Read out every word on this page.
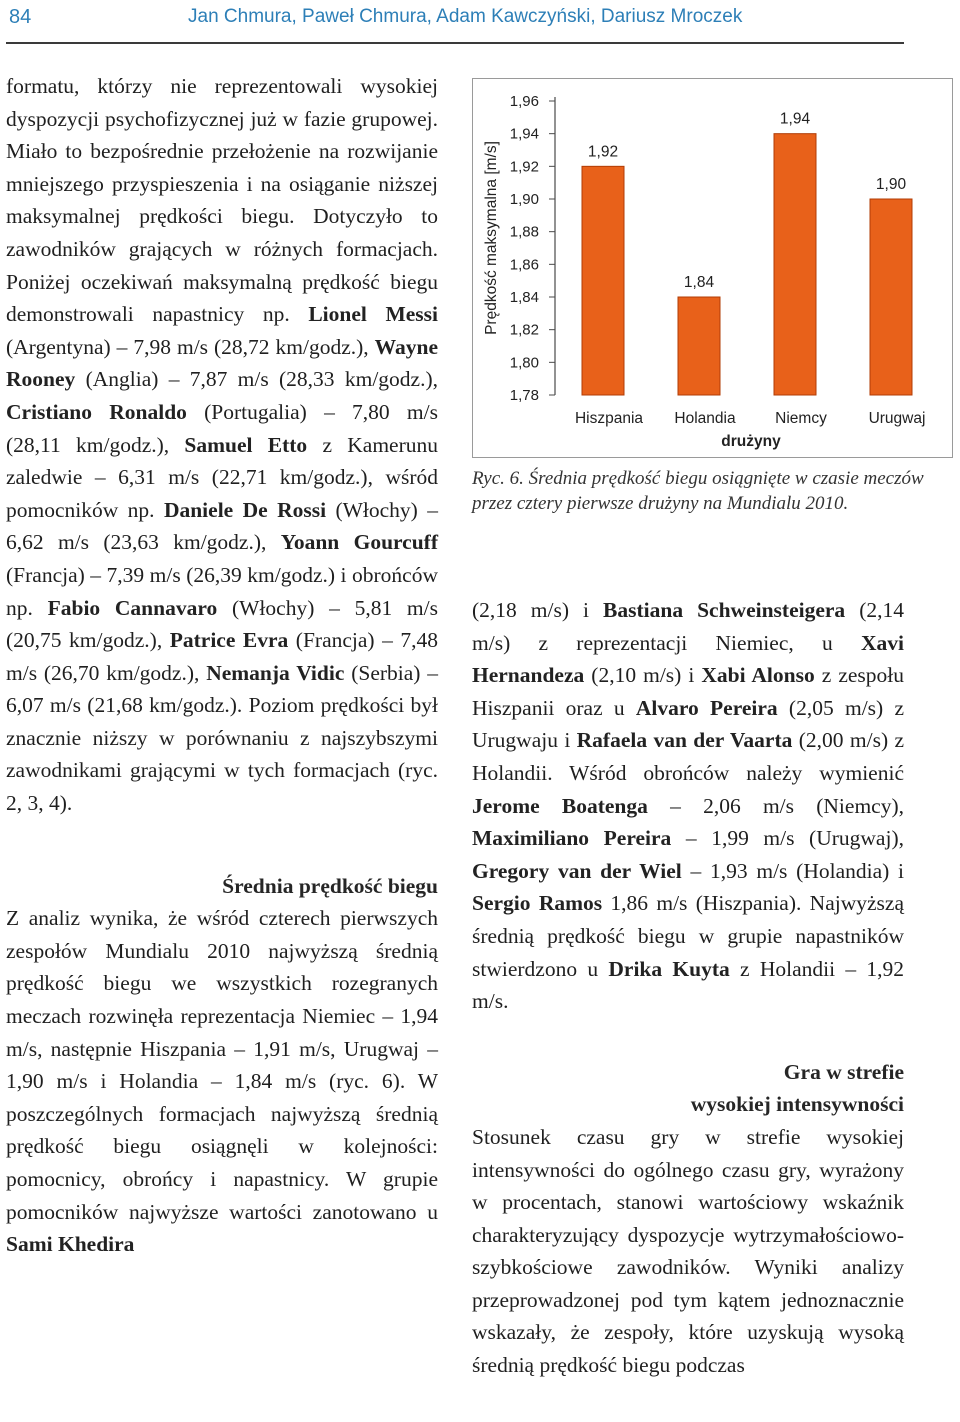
84	Jan Chmura, Paweł Chmura, Adam Kawczyński, Dariusz Mroczek

formatu, którzy nie reprezentowali wysokiej dyspozycji psychofizycznej już w fazie grupowej. Miało to bezpośrednie przełożenie na rozwijanie mniejszego przyspieszenia i na osiąganie niższej maksymalnej prędkości biegu. Dotyczyło to zawodników grających w różnych formacjach. Poniżej oczekiwań maksymalną prędkość biegu demonstrowali napastnicy np. Lionel Messi (Argentyna) – 7,98 m/s (28,72 km/godz.), Wayne Rooney (Anglia) – 7,87 m/s (28,33 km/godz.), Cristiano Ronaldo (Portugalia) – 7,80 m/s (28,11 km/godz.), Samuel Etto z Kamerunu zaledwie – 6,31 m/s (22,71 km/godz.), wśród pomocników np. Daniele De Rossi (Włochy) – 6,62 m/s (23,63 km/godz.), Yoann Gourcuff (Francja) – 7,39 m/s (26,39 km/godz.) i obrońców np. Fabio Cannavaro (Włochy) – 5,81 m/s (20,75 km/godz.), Patrice Evra (Francja) – 7,48 m/s (26,70 km/godz.), Nemanja Vidic (Serbia) – 6,07 m/s (21,68 km/godz.). Poziom prędkości był znacznie niższy w porównaniu z najszybszymi zawodnikami grającymi w tych formacjach (ryc. 2, 3, 4).

Średnia prędkość biegu

Z analiz wynika, że wśród czterech pierwszych zespołów Mundialu 2010 najwyższą średnią prędkość biegu we wszystkich rozegranych meczach rozwinęła reprezentacja Niemiec – 1,94 m/s, następnie Hiszpania – 1,91 m/s, Urugwaj – 1,90 m/s i Holandia – 1,84 m/s (ryc. 6). W poszczególnych formacjach najwyższą średnią prędkość biegu osiągnęli w kolejności: pomocnicy, obrońcy i napastnicy. W grupie pomocników najwyższe wartości zanotowano u Sami Khedira

1,78
1,80
1,82
1,84
1,86
1,88
1,90
1,92
1,94
1,96
Prędkość maksymalna [m/s]	1,92
Hiszpania
1,84
Holandia
1,94
Niemcy
1,90
Urugwaj
drużyny
Ryc. 6. Średnia prędkość biegu osiągnięte w czasie meczów przez cztery pierwsze drużyny na Mundialu 2010.

(2,18 m/s) i Bastiana Schweinsteigera (2,14 m/s) z reprezentacji Niemiec, u Xavi Hernandeza (2,10 m/s) i Xabi Alonso z zespołu Hiszpanii oraz u Alvaro Pereira (2,05 m/s) z Urugwaju i Rafaela van der Vaarta (2,00 m/s) z Holandii. Wśród obrońców należy wymienić Jerome Boatenga – 2,06 m/s (Niemcy), Maximiliano Pereira – 1,99 m/s (Urugwaj), Gregory van der Wiel – 1,93 m/s (Holandia) i Sergio Ramos 1,86 m/s (Hiszpania). Najwyższą średnią prędkość biegu w grupie napastników stwierdzono u Drika Kuyta z Holandii – 1,92 m/s.

Gra w strefie
wysokiej intensywności

Stosunek czasu gry w strefie wysokiej intensywności do ogólnego czasu gry, wyrażony w procentach, stanowi wartościowy wskaźnik charakteryzujący dyspozycje wytrzymałościowo-szybkościowe zawodników. Wyniki analizy przeprowadzonej pod tym kątem jednoznacznie wskazały, że zespoły, które uzyskują wysoką średnią prędkość biegu podczas
